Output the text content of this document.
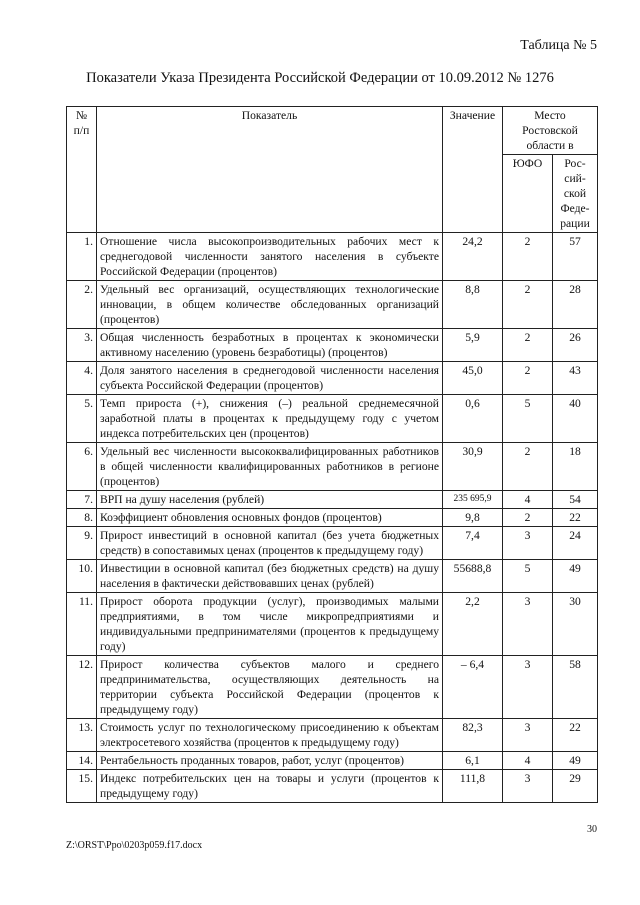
Таблица № 5
Показатели Указа Президента Российской Федерации от 10.09.2012 № 1276
№ п/п	Показатель	Значение	Место Ростовской области в	
			ЮФО	Рос-сий-ской Феде-рации
1.	Отношение числа высокопроизводительных рабочих мест к среднегодовой численности занятого населения в субъекте Российской Федерации (процентов)	24,2	2	57
2.	Удельный вес организаций, осуществляющих технологические инновации, в общем количестве обследованных организаций (процентов)	8,8	2	28
3.	Общая численность безработных в процентах к экономически активному населению (уровень безработицы) (процентов)	5,9	2	26
4.	Доля занятого населения в среднегодовой численности населения субъекта Российской Федерации (процентов)	45,0	2	43
5.	Темп прироста (+), снижения (–) реальной среднемесячной заработной платы в процентах к предыдущему году с учетом индекса потребительских цен (процентов)	0,6	5	40
6.	Удельный вес численности высококвалифицированных работников в общей численности квалифицированных работников в регионе (процентов)	30,9	2	18
7.	ВРП на душу населения (рублей)	235 695,9	4	54
8.	Коэффициент обновления основных фондов (процентов)	9,8	2	22
9.	Прирост инвестиций в основной капитал (без учета бюджетных средств) в сопоставимых ценах (процентов к предыдущему году)	7,4	3	24
10.	Инвестиции в основной капитал (без бюджетных средств) на душу населения в фактически действовавших ценах (рублей)	55688,8	5	49
11.	Прирост оборота продукции (услуг), производимых малыми предприятиями, в том числе микропредприятиями и индивидуальными предпринимателями (процентов к предыдущему году)	2,2	3	30
12.	Прирост количества субъектов малого и среднего предпринимательства, осуществляющих деятельность на территории субъекта Российской Федерации (процентов к предыдущему году)	– 6,4	3	58
13.	Стоимость услуг по технологическому присоединению к объектам электросетевого хозяйства (процентов к предыдущему году)	82,3	3	22
14.	Рентабельность проданных товаров, работ, услуг (процентов)	6,1	4	49
15.	Индекс потребительских цен на товары и услуги (процентов к предыдущему году)	111,8	3	29
30
Z:\ORST\Ppo\0203p059.f17.docx
